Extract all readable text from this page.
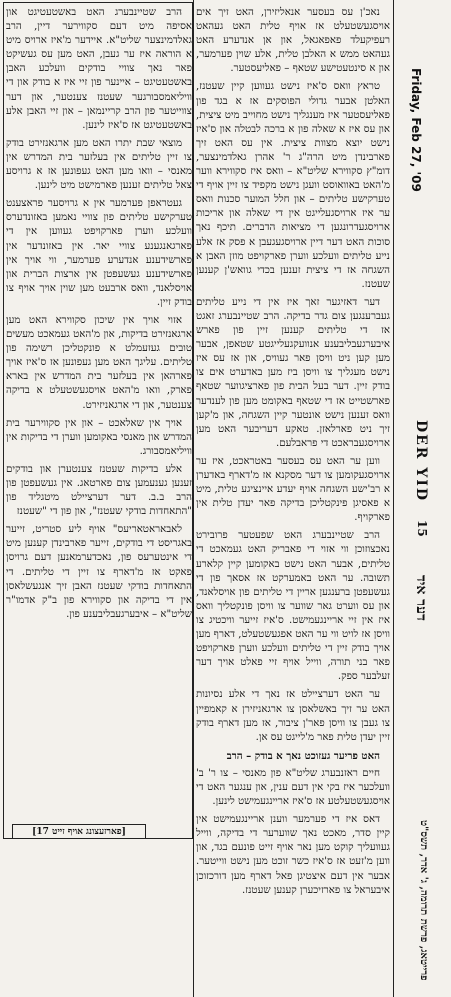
Friday, Feb 27, '09
DER YID
15
דער איד
פרייטאג, פרשת תרומה, ג' אדר, תשס"ט

נאכ'ן עס בעסער אנאליזירן, האט זיך אים אויסגעשטעלט אז אויף טלית האט געהאט רעפיקעלד פאפאגאל, און אן אנדערע האט געהאט ממש א האלבן טלית, אלע שוין פערמער, און א סינטעטישע שטאף – פאליעסטער.

טראץ וואס ס'איז נישט געווען קיין שעטנז, האלטן אבער גדולי הפוסקים אז א בגד פון פאליעסטער איז מענגליך נישט מחוייב מיט ציצית, און עס איז א שאלה פון א ברכה לבטלה און ס'איז נישט יוצא מצוות ציצית. אין עס האט זיך פארבינדן מיט הרה"ג ר' אהרן גאלדמינצער, דומ"ץ סקווירא שליט"א – וואס איז סקווירא ווער מ'האט באוואוסט וועגן נישט מקפיד צו זיין אויף די טערקישע טליתים – און חלל המוער סכנות וואס ער איז ארויסגעלייגט אין די שאלה און אריכות ארויסגעדרונגען די מציאות הדברים. תיכף נאך סוכות האט דער דיין ארויסגעגעבן א פסק אז אלע נייע טליתים וועלכע ווערן פארקויפט מוזן האבן א השגחה אז די ציצית זענען בכדי גוואש'ן קענען שעטנז.

דער דאזיגער זאך איז אין די נייע טליתים געברענגען צום גדר בדיקה. הרב שטיינבערג זאגט אז די טליתים קענען זיין פון פארש איבערגעבליבענע אנוועקגעלייגטע שטאפן, אבער מען קען ניט וויסן פאר געוויס, און אז עס איז נישט מעגליך צו וויסן ביז מען באדערט אים צו בודק זיין. דער בעל הבית פון פארציגווער שטאף פארשטייט אז די שטאף באקומט מען פון לענדער וואס זענען נישט אונטער קיין השגחה, און מ'קען זיך ניט פארלאזן. טאקע דעריבער האט מען ארויסגעבראכט די פראבלעם.

ווען ער האט עס בעסער באטראכט, איז ער ארויסגעקומען צו דער מסקנא אז מ'דארף באדערן א רב'ישע השגחה אויף יעדע איינציגע טלית, מיט א פאסיגן פינקטליכן בדיקה פאר יעדן טלית אין פארקויף.

הרב שטיינבערג האט שפעטער פרובירט נאכצוזוכן ווי אזוי די פאבריק האט געמאכט די טליתים, אבער האט נישט באקומען קיין קלארע תשובה. ער האט באמערקט אז אסאך פון די געשעפטן ברענגען אריין די טליתים פון אויסלאנד, און עס ווערט גאר שווער צו וויסן פונקטליך וואס איז אין זיי אריינגעמישט. ס'איז זייער וויכטיג צו וויסן אז לויט ווי ער האט אפגעשטעלט, דארף מען אויך בודק זיין די טליתים וועלכע ווערן פארקויפט פאר בני תורה, ווייל אויף זיי פאלט אויך דער זעלבער ספק.

ער האט דערציילט אז נאך די אלע נסיונות האט ער זיך באשלאסן צו ארגאניזירן א קאמפיין צו געבן צו וויסן פאר'ן ציבור, אז מען דארף בודק זיין יעדן טלית פאר מ'לייגט עס אן.

האט פריער געזוכט נאך א בודק – הרב

חיים ראזנבערג שליט"א פון מאנסי – צו ר' ב' וועלכער איז בקי אין דעם ענין, און ענגער האט די אויסגעשטעלטע אז ס'איז אריינגעמישט לינען.

דאס איז די פערמער ווענן אריינגעמישט אין קיין סדר, מאכט נאך שווערער די בדיקה, ווייל געוועליך קוקט מען נאר אויף זייט פונעם בגד, און ווען מ'זעט אז ס'איז כשר זוכט מען נישט ווייטער. אבער אין דעם איצטיגן פאל דארף מען דורכזוכן איבעראל צו פארזיכערן קענען שעטנז.

הרב שטיינבערג האט באשטעטיגט און אסיפה מיט דעם סקווירער דיין, הרב גאלדמינצער שליט"א. איידער מ'איז ארויס מיט א הוראה איז ער געבן, האט מען עס געשיקט פאר נאך צוויי בודקים וועלכע האבן באשטעטיגט – איינער פון זיי איז א בודק און די וויליאמסבורגער שעטנז צענטער, און דער צווייטער פון הרב קריינמאן – און זיי האבן אלע באשטעטיגט אז ס'איז לינען.

מוצאי שבת יתרו האט מען ארגאנזירט בודק צו זיין טליתים אין בעלזער בית המדרש אין מאנסי – וואו מען האט געפונען אז א גרויסע צאל טליתים זענען פארמישט מיט לינען.

געטראפן פערמער אין א גרויסער פראצענט טערקישע טליתים פון צוויי נאמען באזונדערס וועלכע ווערן פארקויפט געווען אין די פארגאנגענע צוויי יאר. אין באזונדער אין פארשידענע אנדערע פערמער, ווי אויך אין פארשידענע געשעפטן אין ארצות הברית און אויסלאנד, וואס ארבעט מען שוין אויך אויף צו בודק זיין.

אזוי אויך אין שיכון סקווירא האט מען ארגאנזירט בדיקות, און מ'האט געמאכט מעשים טובים געזעמלט א פונקטליכן רשימה פון טליתים. עליגך האט מען געפונען אז ס'איז אויך פארהאן אין בעלזער בית המדרש אין בארא פארק, וואו מ'האט אויסגעשטעלט א בדיקה צענטער, און די ארגאניזירט.

אויך אין שאלאכט – און אין סקווירער בית המדרש און מאנסי באקומען ווערן די בדיקות אין וויליאמסבורג.

אלע בדיקות שעטנז צענטערן און בודקים זענען גענעמען צום פארטאג. אין געשעפטן פון הרב ב.ב. דער דערציילט מיטגליד פון "התאחדות בודקי שעטנז", און פון די "שעטנז

לאבאראטאריעס" אויף ליע סטריט, זייער באגריסט די בודקים, זייער פארבינדן קענען מיט די אינטערעס פון, נאכדערמאנען דעם גרויסן פאקט אז מ'דארף צו זיין די טליתים. די התאחדות בודקי שעטנז האבן זיך אנגעשלאסן אין די בדיקה און סקווירא פון ב"ק אדמו"ר שליט"א – איבערגעבליבענע פון.

[פארזעצונג אויף זייט 17]
